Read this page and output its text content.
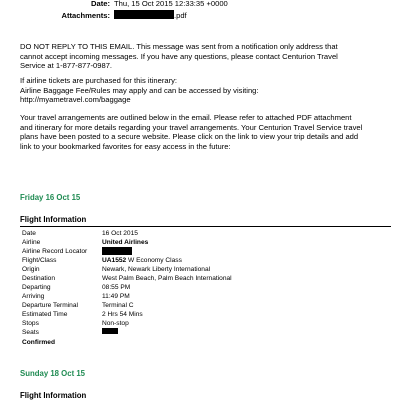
Date: Thu, 15 Oct 2015 12:33:35 +0000
Attachments:	.pdf
DO NOT REPLY TO THIS EMAIL. This message was sent from a notification only address that
cannot accept incoming messages. If you have any questions, please contact Centurion Travel
Service at 1-877-877-0987.
If airline tickets are purchased for this itinerary:
Airline Baggage Fee/Rules may apply and can be accessed by visiting:
http://myametravel.com/baggage
Your travel arrangements are outlined below in the email. Please refer to attached PDF attachment
and itinerary for more details regarding your travel arrangements. Your Centurion Travel Service travel
plans have been posted to a secure website. Please click on the link to view your trip details and add
link to your bookmarked favorites for easy access in the future:
Friday 16 Oct 15
Flight Information
Date	16 Oct 2015
Airline	United Airlines
Airline Record Locator
Flight/Class	UA1552 W Economy Class
Origin	Newark, Newark Liberty International
Destination	West Palm Beach, Palm Beach International
Departing	08:55 PM
Arriving	11:49 PM
Departure Terminal	Terminal C
Estimated Time	2 Hrs 54 Mins
Stops	Non-stop
Seats
Confirmed
Sunday 18 Oct 15
Flight Information
